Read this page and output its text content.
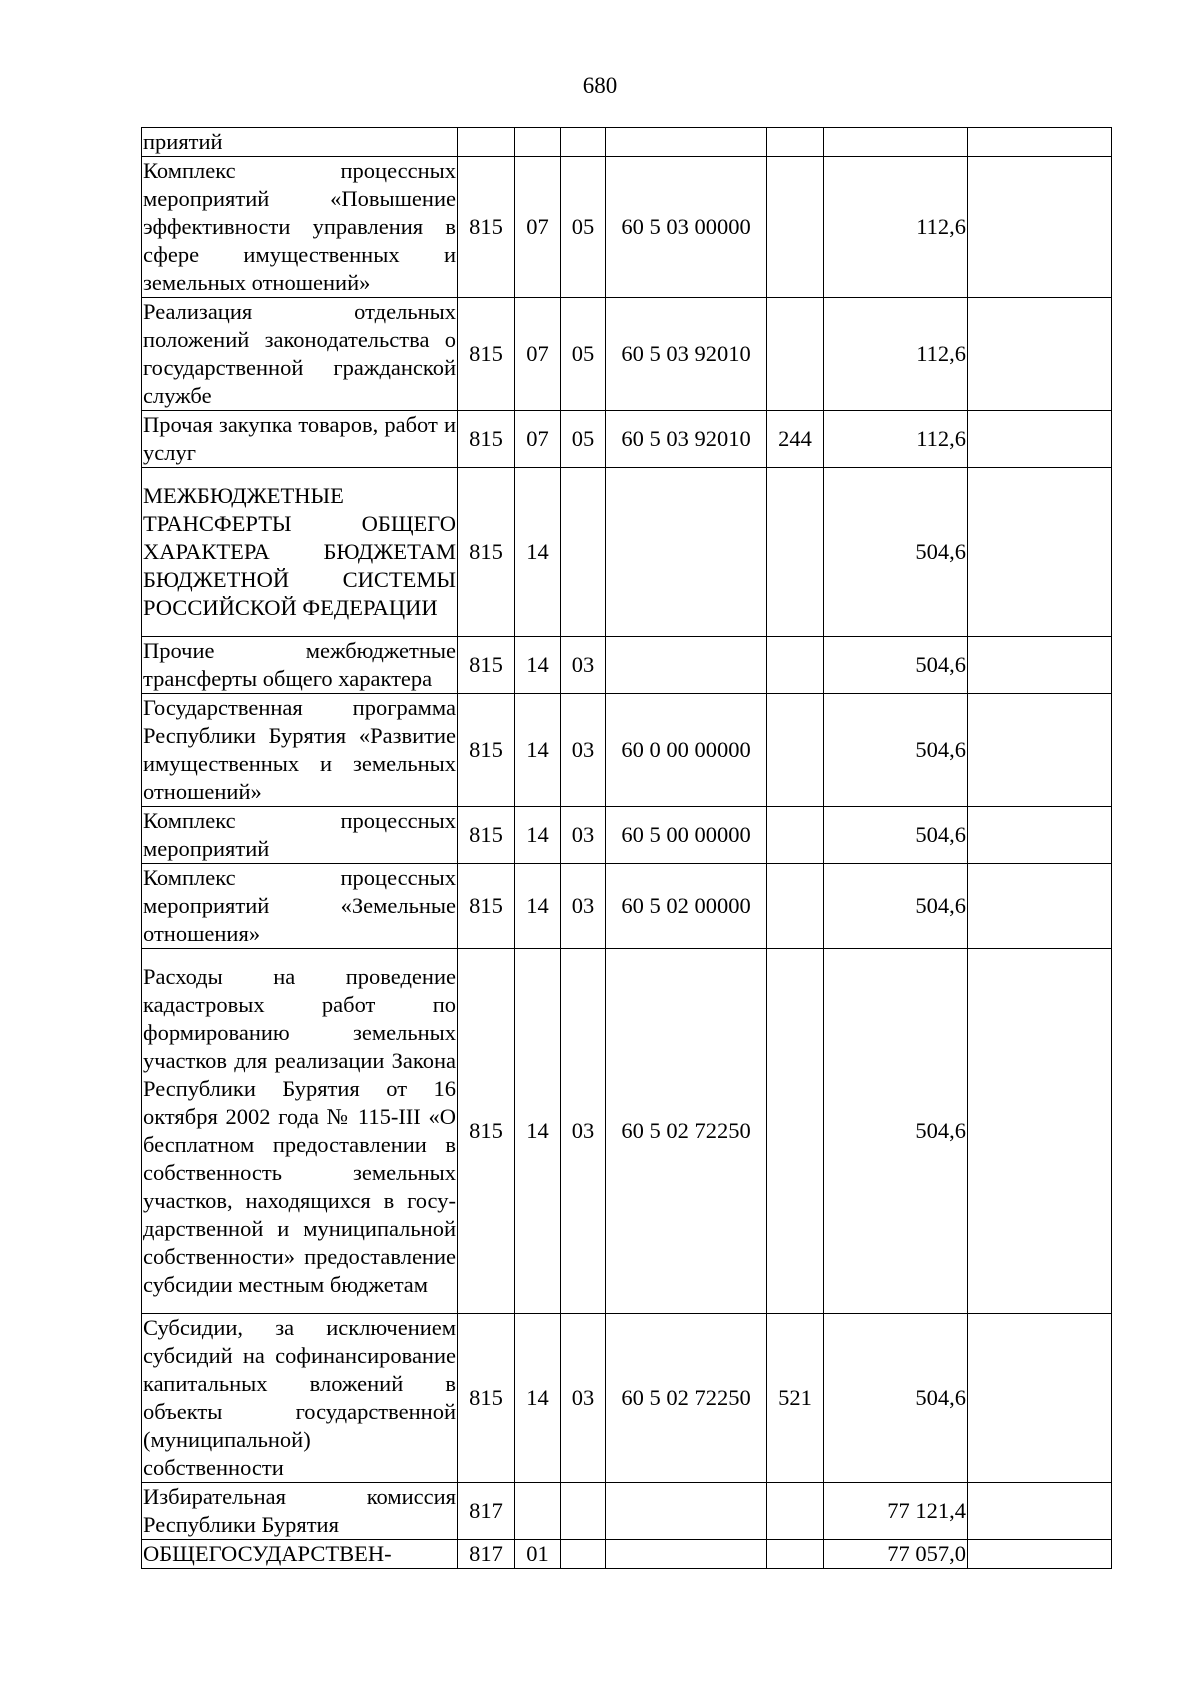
680
приятий							
Комплекс процессных мероприятий «Повышение эффективности управления в сфере имущественных и земельных отношений»	815	07	05	60 5 03 00000		112,6	
Реализация отдельных положений законодательства о государственной гражданской службе	815	07	05	60 5 03 92010		112,6	
Прочая закупка товаров, работ и услуг	815	07	05	60 5 03 92010	244	112,6	
МЕЖБЮДЖЕТНЫЕ ТРАНСФЕРТЫ ОБЩЕГО ХАРАКТЕРА БЮДЖЕТАМ БЮДЖЕТНОЙ СИСТЕМЫ РОССИЙСКОЙ ФЕДЕРАЦИИ	815	14				504,6	
Прочие межбюджетные трансферты общего характера	815	14	03			504,6	
Государственная программа Республики Бурятия «Развитие имущественных и земельных отношений»	815	14	03	60 0 00 00000		504,6	
Комплекс процессных мероприятий	815	14	03	60 5 00 00000		504,6	
Комплекс процессных мероприятий «Земельные отношения»	815	14	03	60 5 02 00000		504,6	
Расходы на проведение кадастровых работ по формированию земельных участков для реализации Закона Республики Бурятия от 16 октября 2002 года № 115-III «О бесплатном предоставлении в собственность земельных участков, находящихся в госу-дарственной и муниципальной собственности» предоставление субсидии местным бюджетам	815	14	03	60 5 02 72250		504,6	
Субсидии, за исключением субсидий на софинансирование капитальных вложений в объекты государственной (муниципальной) собственности	815	14	03	60 5 02 72250	521	504,6	
Избирательная комиссия Республики Бурятия	817					77 121,4	
ОБЩЕГОСУДАРСТВЕН-	817	01				77 057,0	
